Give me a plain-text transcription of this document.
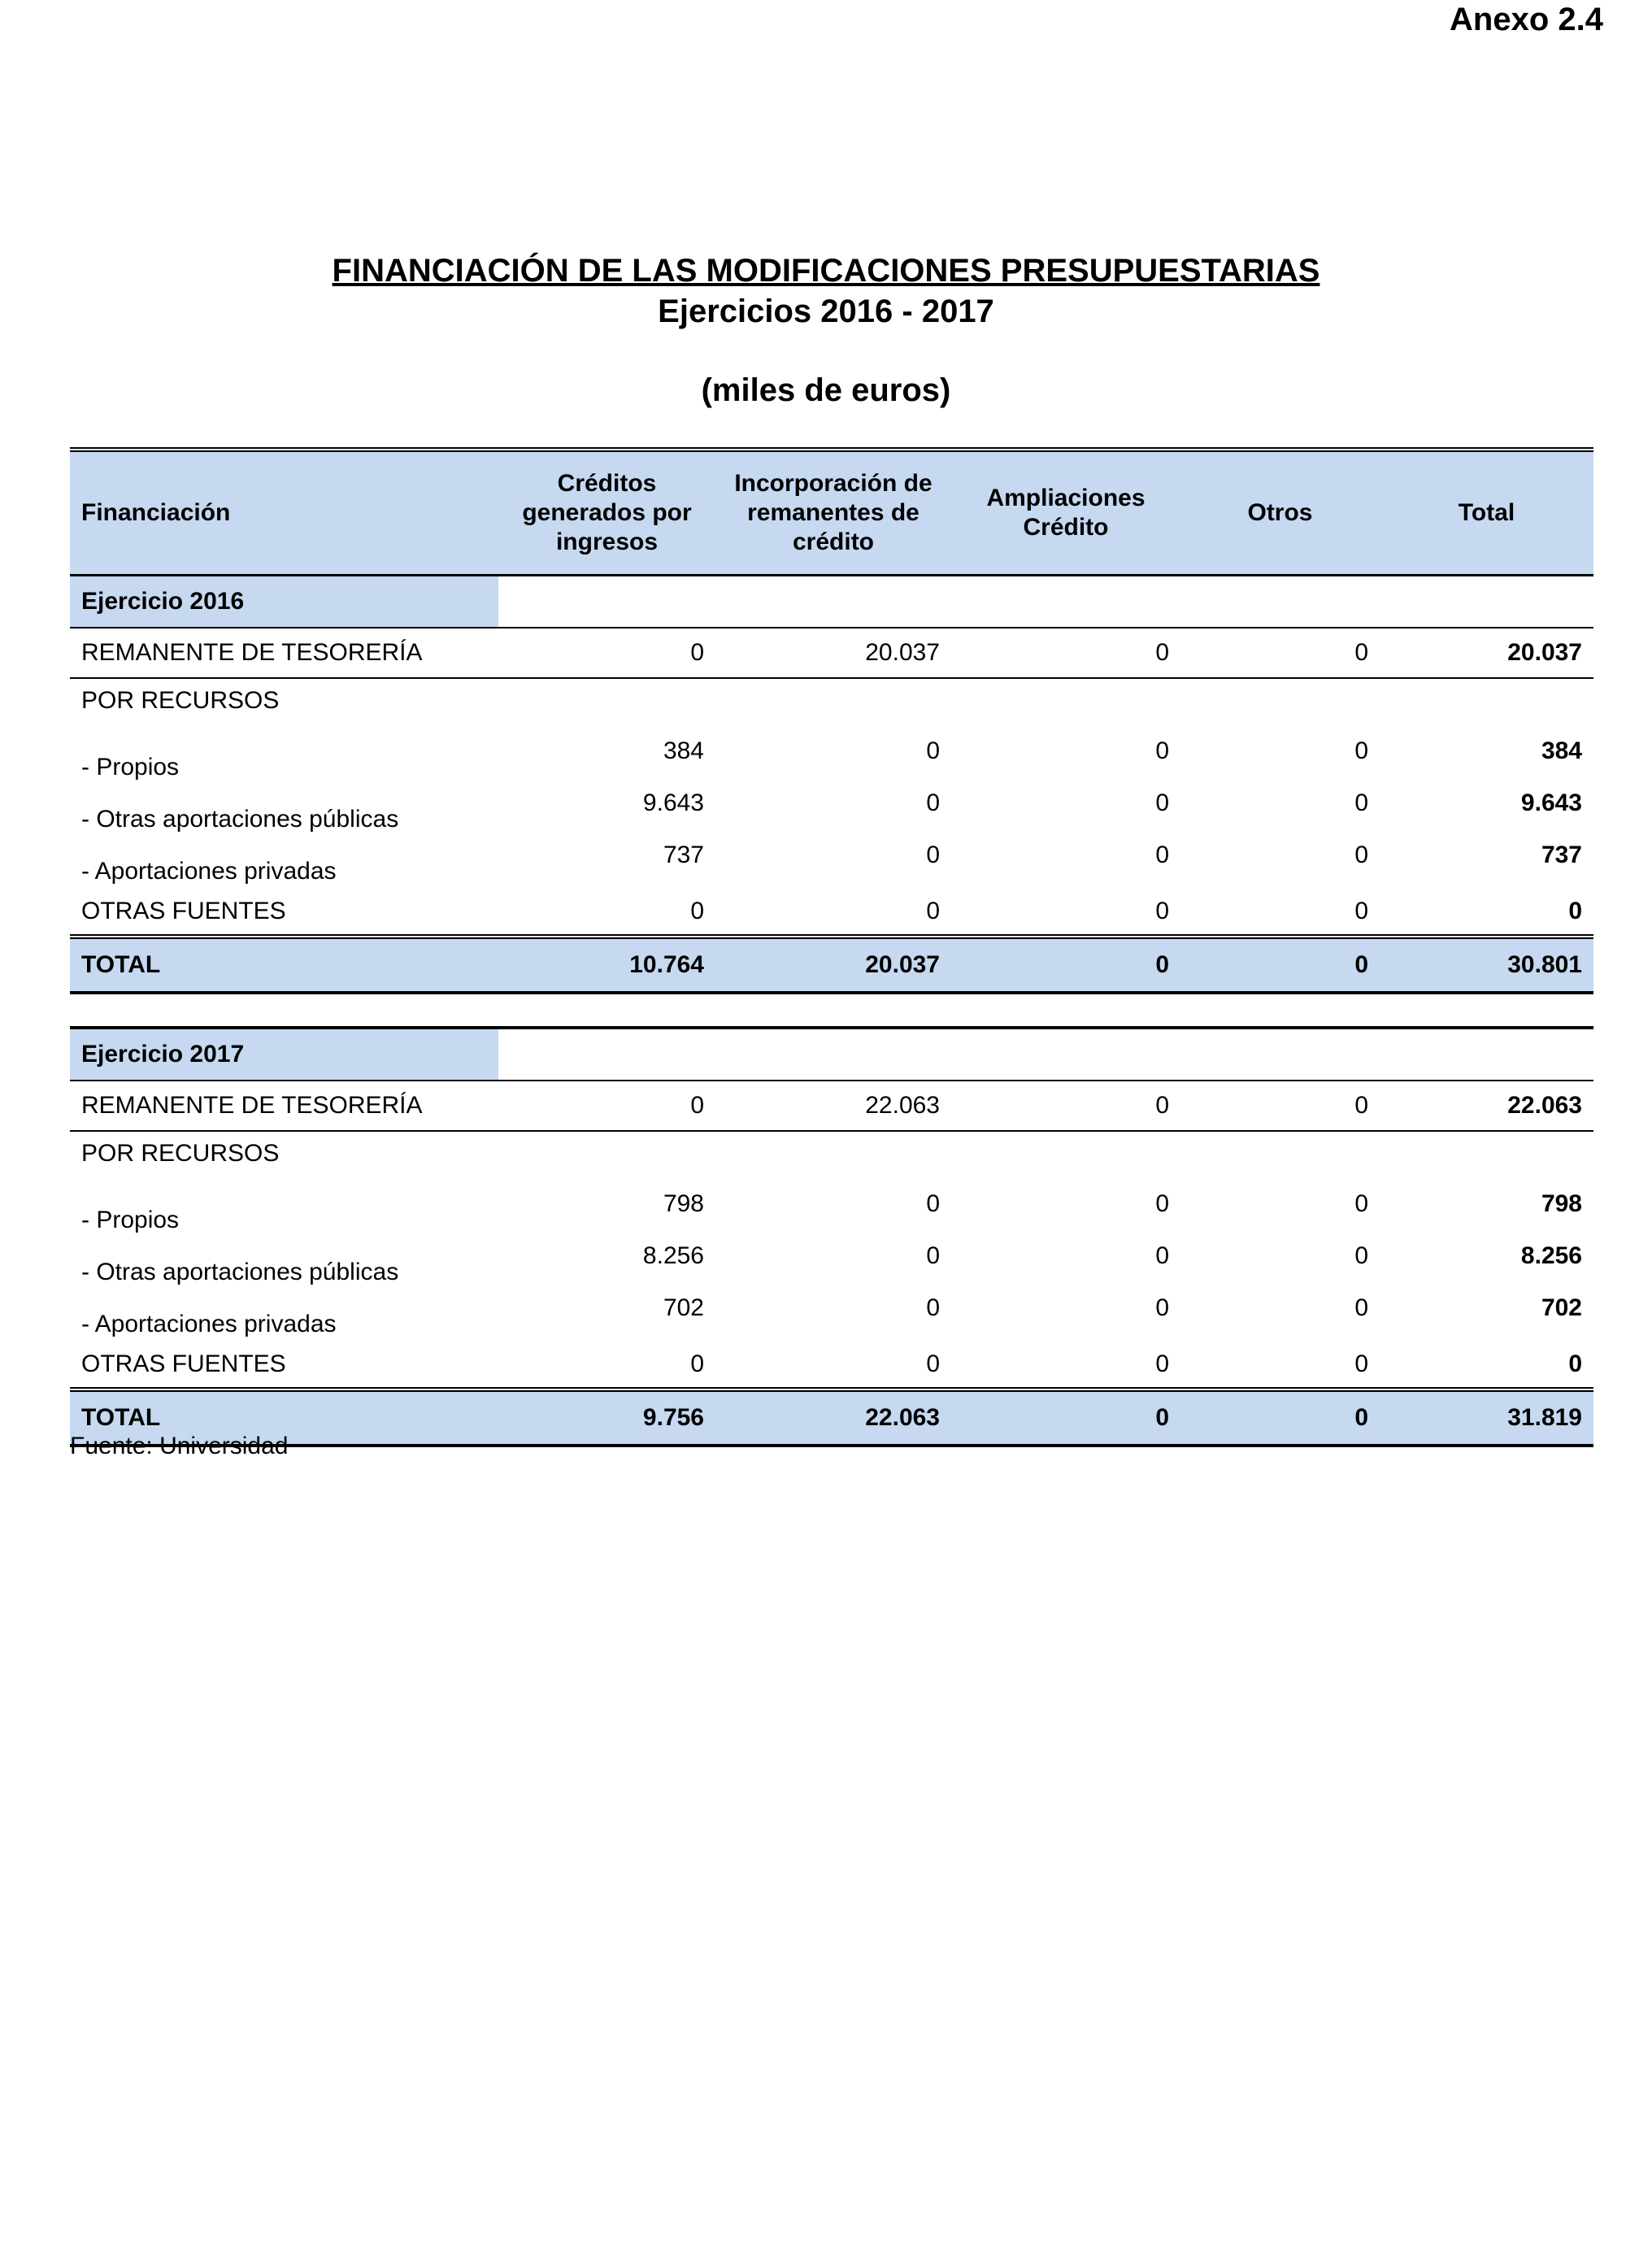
Anexo 2.4
FINANCIACIÓN DE LAS MODIFICACIONES PRESUPUESTARIAS
Ejercicios 2016 - 2017
(miles de euros)
Financiación	Créditos generados por ingresos	Incorporación de remanentes de crédito	Ampliaciones Crédito	Otros	Total
Ejercicio 2016					
REMANENTE DE TESORERÍA	0	20.037	0	0	20.037
POR RECURSOS					
- Propios	384	0	0	0	384
- Otras aportaciones públicas	9.643	0	0	0	9.643
- Aportaciones privadas	737	0	0	0	737
OTRAS FUENTES	0	0	0	0	0
TOTAL	10.764	20.037	0	0	30.801
Ejercicio 2017					
REMANENTE DE TESORERÍA	0	22.063	0	0	22.063
POR RECURSOS					
- Propios	798	0	0	0	798
- Otras aportaciones públicas	8.256	0	0	0	8.256
- Aportaciones privadas	702	0	0	0	702
OTRAS FUENTES	0	0	0	0	0
TOTAL	9.756	22.063	0	0	31.819
Fuente: Universidad
